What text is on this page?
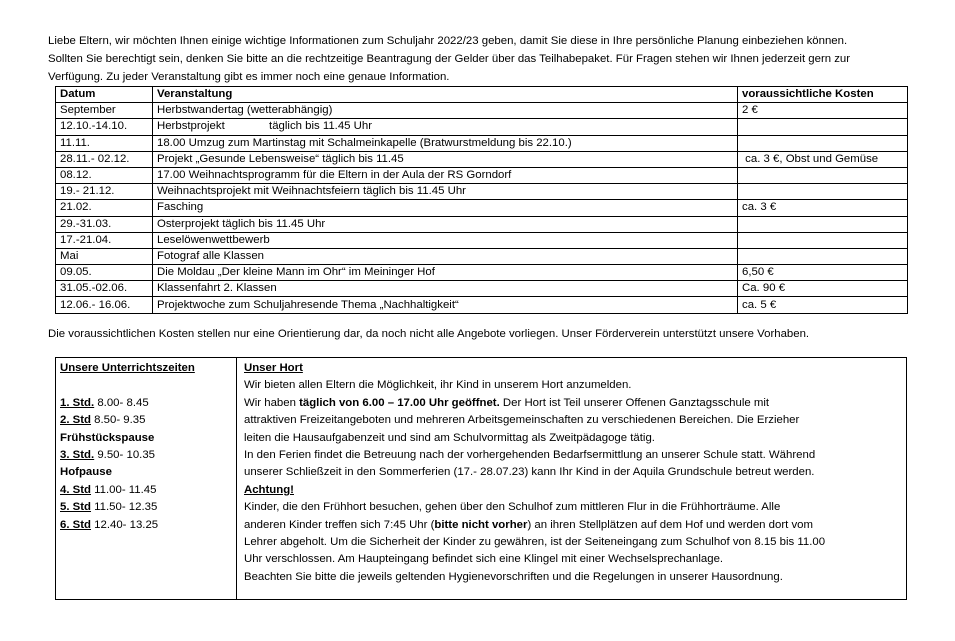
Liebe Eltern, wir möchten Ihnen einige wichtige Informationen zum Schuljahr 2022/23 geben, damit Sie diese in Ihre persönliche Planung einbeziehen können.
Sollten Sie berechtigt sein, denken Sie bitte an die rechtzeitige Beantragung der Gelder über das Teilhabepaket. Für Fragen stehen wir Ihnen jederzeit gern zur
Verfügung. Zu jeder Veranstaltung gibt es immer noch eine genaue Information.
Datum	Veranstaltung	voraussichtliche Kosten
September	Herbstwandertag (wetterabhängig)	2 €
12.10.-14.10.	Herbstprojekt              täglich bis 11.45 Uhr	
11.11.	18.00 Umzug zum Martinstag mit Schalmeinkapelle (Bratwurstmeldung bis 22.10.)	
28.11.- 02.12.	Projekt „Gesunde Lebensweise“ täglich bis 11.45	ca. 3 €, Obst und Gemüse
08.12.	17.00 Weihnachtsprogramm für die Eltern in der Aula der RS Gorndorf	
19.- 21.12.	Weihnachtsprojekt mit Weihnachtsfeiern täglich bis 11.45 Uhr	
21.02.	Fasching	ca. 3 €
29.-31.03.	Osterprojekt täglich bis 11.45 Uhr	
17.-21.04.	Leselöwenwettbewerb	
Mai	Fotograf alle Klassen	
09.05.	Die Moldau „Der kleine Mann im Ohr“ im Meininger Hof	6,50 €
31.05.-02.06.	Klassenfahrt 2. Klassen	Ca. 90 €
12.06.- 16.06.	Projektwoche zum Schuljahresende Thema „Nachhaltigkeit“	ca. 5 €
Die voraussichtlichen Kosten stellen nur eine Orientierung dar, da noch nicht alle Angebote vorliegen. Unser Förderverein unterstützt unsere Vorhaben.
Unsere Unterrichtszeiten
1. Std. 8.00- 8.45
2. Std 8.50- 9.35
Frühstückspause
3. Std. 9.50- 10.35
Hofpause
4. Std 11.00- 11.45
5. Std 11.50- 12.35
6. Std 12.40- 13.25
Unser Hort
Wir bieten allen Eltern die Möglichkeit, ihr Kind in unserem Hort anzumelden.
Wir haben täglich von 6.00 – 17.00 Uhr geöffnet. Der Hort ist Teil unserer Offenen Ganztagsschule mit
attraktiven Freizeitangeboten und mehreren Arbeitsgemeinschaften zu verschiedenen Bereichen. Die Erzieher
leiten die Hausaufgabenzeit und sind am Schulvormittag als Zweitpädagoge tätig.
In den Ferien findet die Betreuung nach der vorhergehenden Bedarfsermittlung an unserer Schule statt. Während
unserer Schließzeit in den Sommerferien (17.- 28.07.23) kann Ihr Kind in der Aquila Grundschule betreut werden.
Achtung!
Kinder, die den Frühhort besuchen, gehen über den Schulhof zum mittleren Flur in die Frühhorträume. Alle
anderen Kinder treffen sich 7:45 Uhr (bitte nicht vorher) an ihren Stellplätzen auf dem Hof und werden dort vom
Lehrer abgeholt. Um die Sicherheit der Kinder zu gewähren, ist der Seiteneingang zum Schulhof von 8.15 bis 11.00
Uhr verschlossen. Am Haupteingang befindet sich eine Klingel mit einer Wechselsprechanlage.
Beachten Sie bitte die jeweils geltenden Hygienevorschriften und die Regelungen in unserer Hausordnung.
